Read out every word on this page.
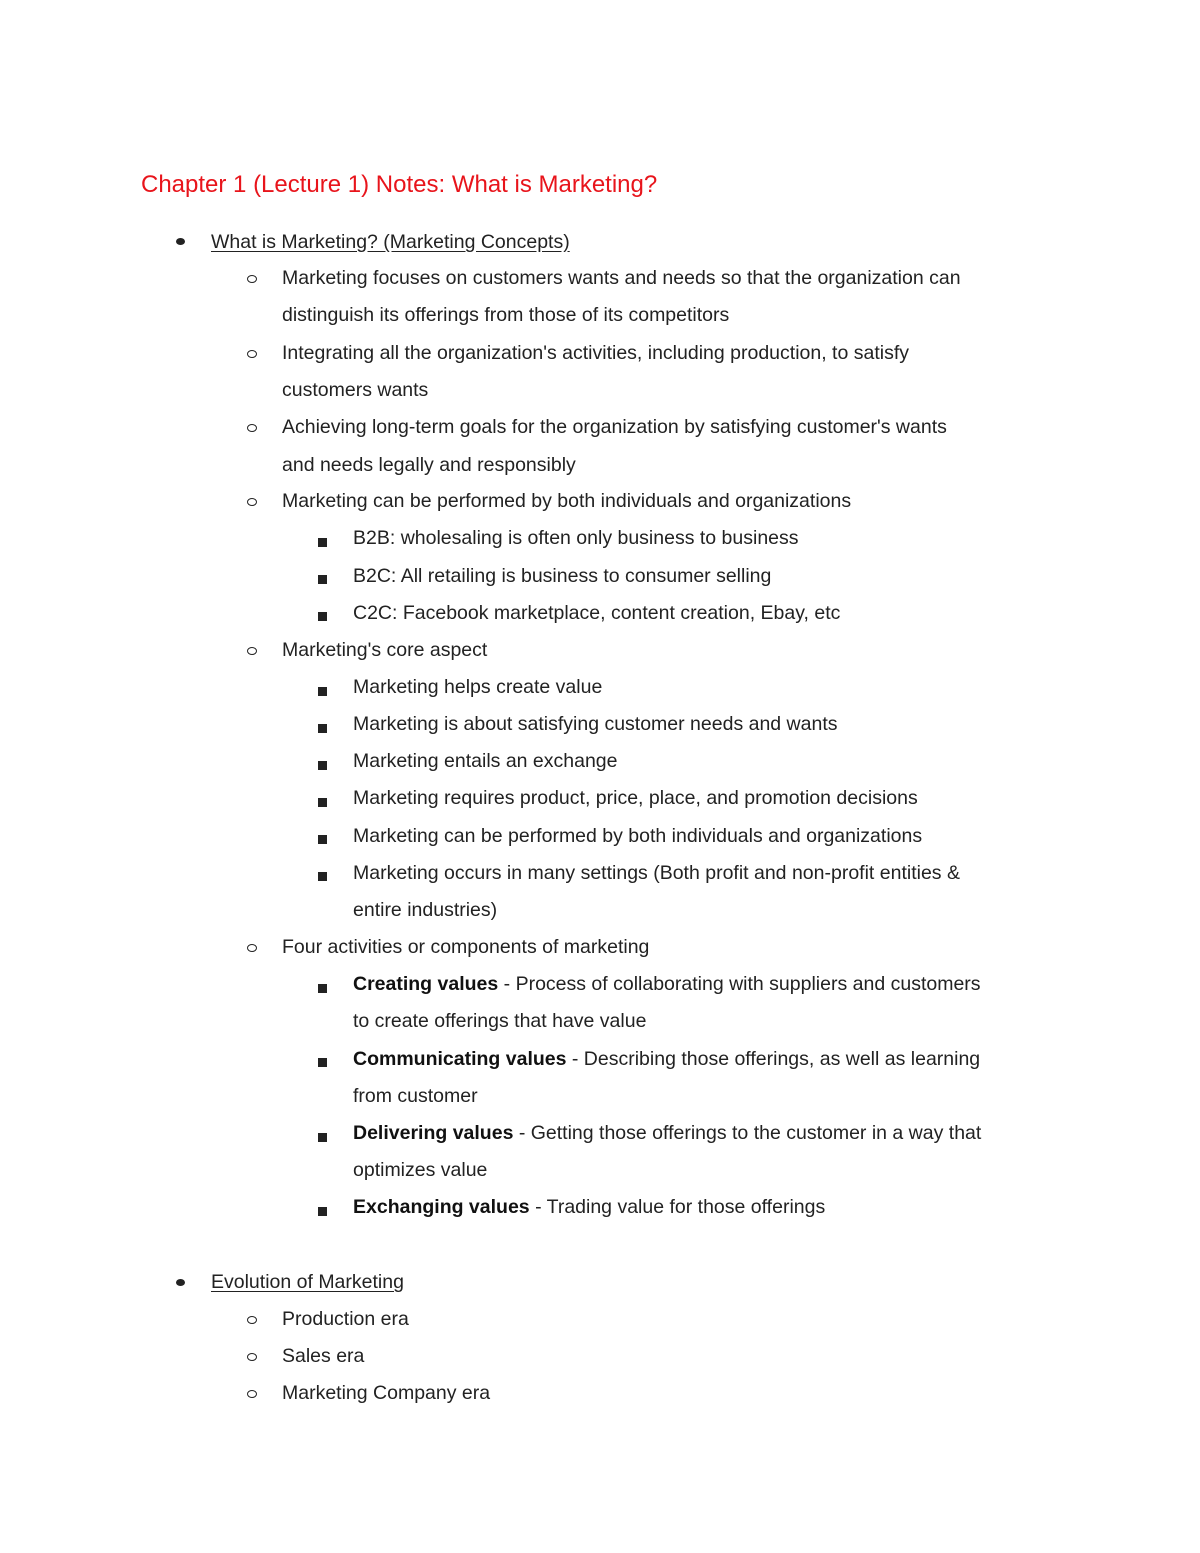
Chapter 1 (Lecture 1) Notes: What is Marketing?
What is Marketing? (Marketing Concepts)
Marketing focuses on customers wants and needs so that the organization can
distinguish its offerings from those of its competitors
Integrating all the organization's activities, including production, to satisfy
customers wants
Achieving long-term goals for the organization by satisfying customer's wants
and needs legally and responsibly
Marketing can be performed by both individuals and organizations
B2B: wholesaling is often only business to business
B2C: All retailing is business to consumer selling
C2C: Facebook marketplace, content creation, Ebay, etc
Marketing's core aspect
Marketing helps create value
Marketing is about satisfying customer needs and wants
Marketing entails an exchange
Marketing requires product, price, place, and promotion decisions
Marketing can be performed by both individuals and organizations
Marketing occurs in many settings (Both profit and non-profit entities &
entire industries)
Four activities or components of marketing
Creating values - Process of collaborating with suppliers and customers
to create offerings that have value
Communicating values - Describing those offerings, as well as learning
from customer
Delivering values - Getting those offerings to the customer in a way that
optimizes value
Exchanging values - Trading value for those offerings
Evolution of Marketing
Production era
Sales era
Marketing Company era
